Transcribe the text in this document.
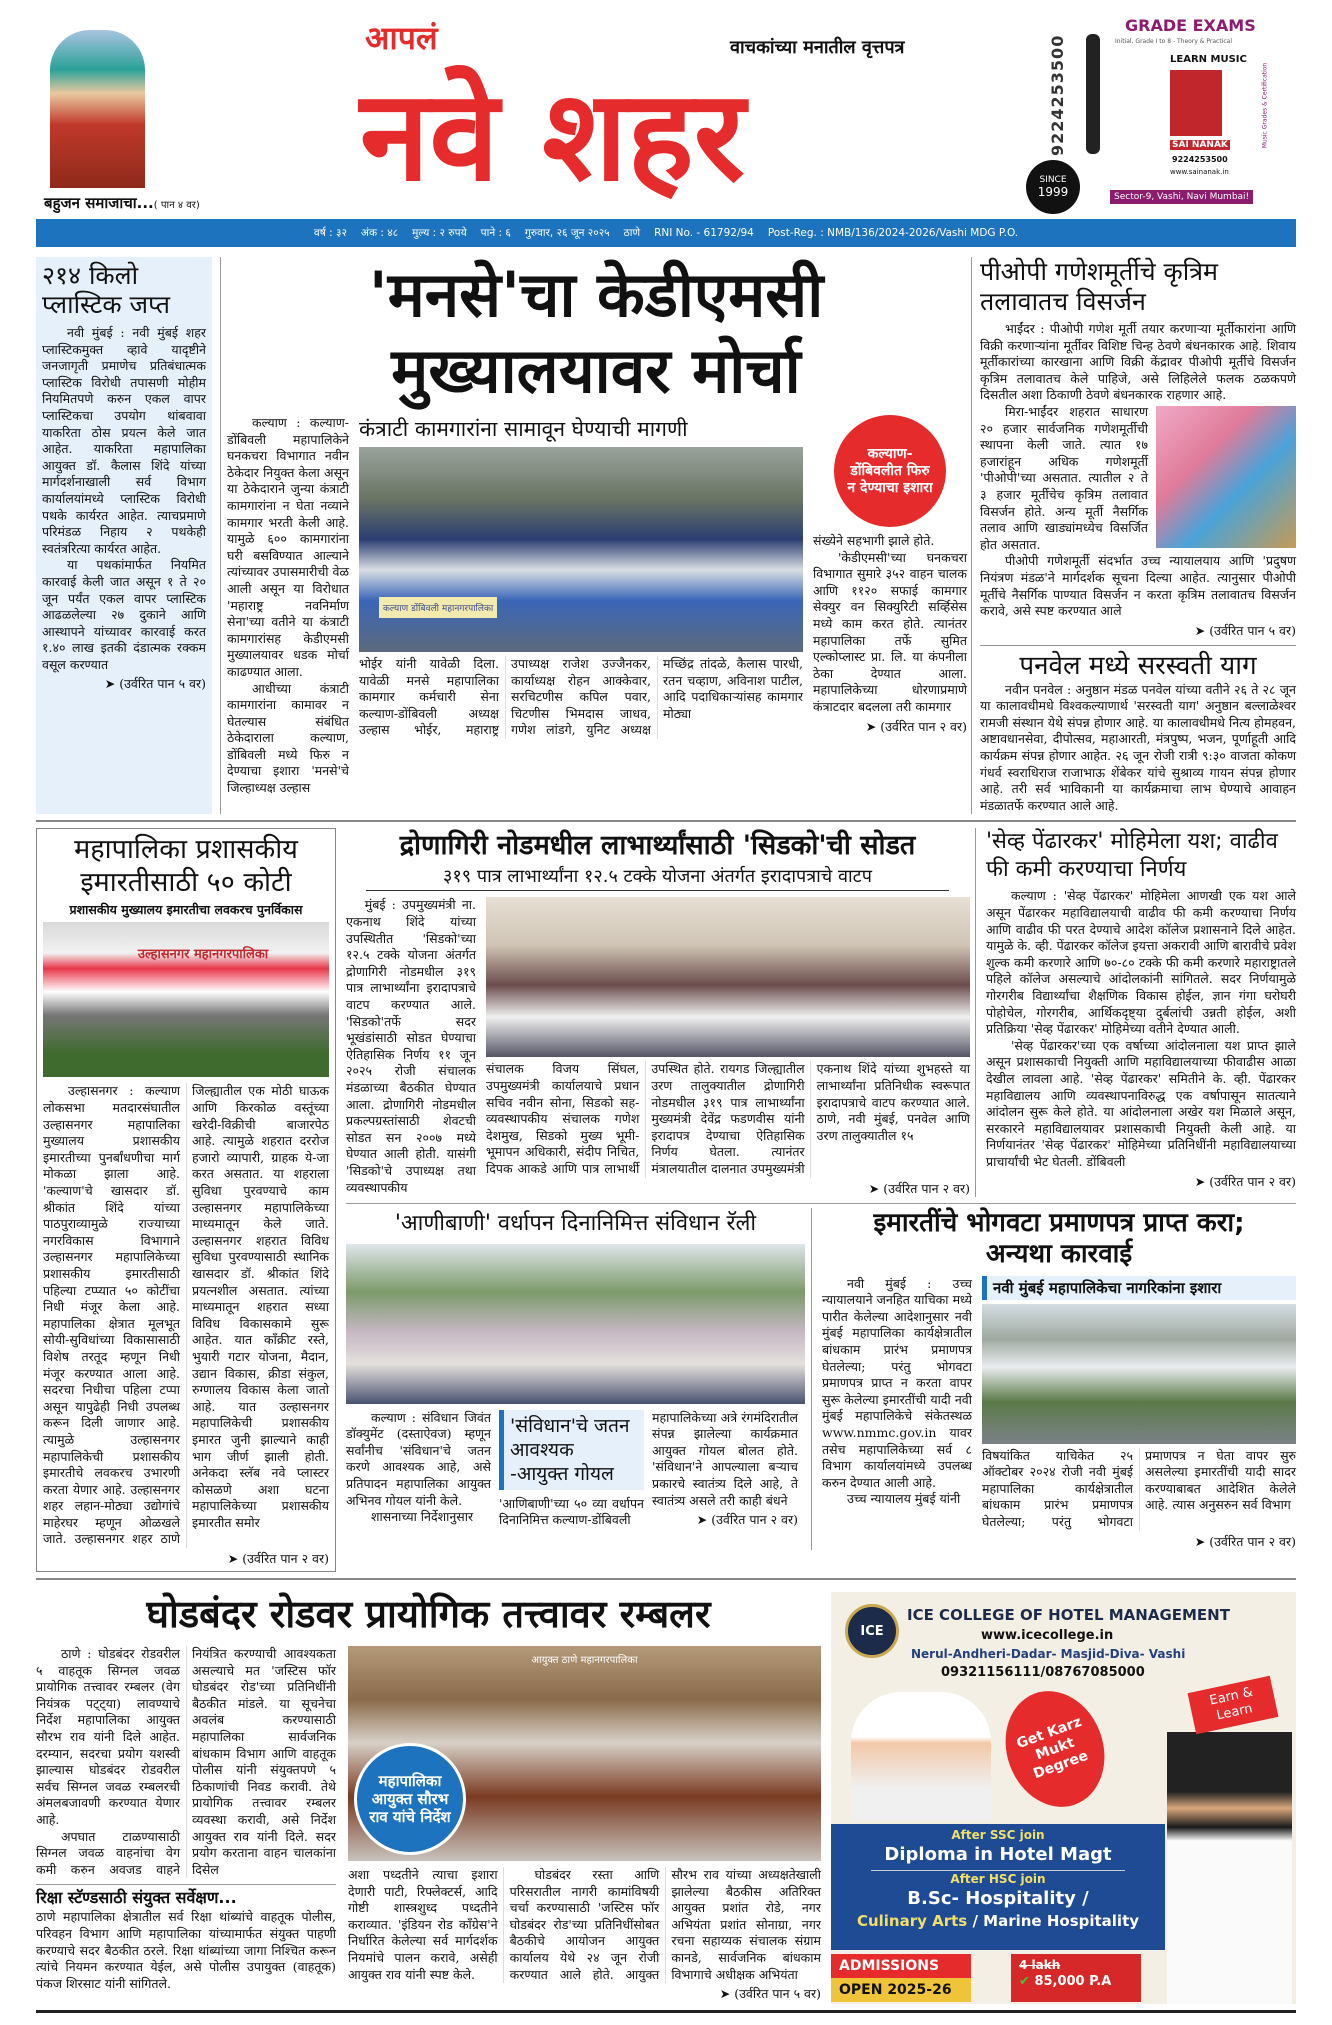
बहुजन समाजाचा...( पान ४ वर)
आपलं	वाचकांच्या मनातील वृत्तपत्र
नवे शहर	9224253500
SINCE
1999
GRADE EXAMS
Initial, Grade I to 8 - Theory & Practical
LEARN MUSIC
Music Grades & Certification
SAI NANAK
9224253500
www.sainanak.in
Sector-9, Vashi, Navi Mumbai!
वर्ष : ३२ अंक : ४८ मुल्य : २ रुपये पाने : ६ गुरुवार, २६ जून २०२५ ठाणे RNI No. - 61792/94 Post-Reg. : NMB/136/2024-2026/Vashi MDG P.O.
२१४ किलो प्लास्टिक जप्त

नवी मुंबई : नवी मुंबई शहर प्लास्टिकमुक्त व्हावे यादृष्टीने जनजागृती प्रमाणेच प्रतिबंधात्मक प्लास्टिक विरोधी तपासणी मोहीम नियमितपणे करुन एकल वापर प्लास्टिकचा उपयोग थांबवावा याकरिता ठोस प्रयत्न केले जात आहेत. याकरिता महापालिका आयुक्त डॉ. कैलास शिंदे यांच्या मार्गदर्शनाखाली सर्व विभाग कार्यालयांमध्ये प्लास्टिक विरोधी पथके कार्यरत आहेत. त्याचप्रमाणे परिमंडळ निहाय २ पथकेही स्वतंत्ररित्या कार्यरत आहेत.

या पथकांमार्फत नियमित कारवाई केली जात असून १ ते २० जून पर्यंत एकल वापर प्लास्टिक आढळलेल्या २७ दुकाने आणि आस्थापने यांच्यावर कारवाई करत १.४० लाख इतकी दंडात्मक रक्कम वसूल करण्यात

➤ (उर्वरित पान ५ वर)
'मनसे'चा केडीएमसी
मुख्यालयावर मोर्चा

कल्याण : कल्याण-डोंबिवली महापालिकेने घनकचरा विभागात नवीन ठेकेदार नियुक्त केला असून या ठेकेदाराने जुन्या कंत्राटी कामगारांना न घेता नव्याने कामगार भरती केली आहे. यामुळे ६०० कामगारांना घरी बसविण्यात आल्याने त्यांच्यावर उपासमारीची वेळ आली असून या विरोधात 'महाराष्ट्र नवनिर्माण सेना'च्या वतीने या कंत्राटी कामगारांसह केडीएमसी मुख्यालयावर धडक मोर्चा काढण्यात आला.

आधीच्या कंत्राटी कामगारांना कामावर न घेतल्यास संबंधित ठेकेदाराला कल्याण, डोंबिवली मध्ये फिरु न देण्याचा इशारा 'मनसे'चे जिल्हाध्यक्ष उल्हास

कंत्राटी कामगारांना सामावून घेण्याची मागणी
कल्याण डोंबिवली महानगरपालिका
भोईर यांनी यावेळी दिला. यावेळी मनसे महापालिका कामगार कर्मचारी सेना कल्याण-डोंबिवली अध्यक्ष उल्हास भोईर, महाराष्ट्र उपाध्यक्ष राजेश उज्जैनकर, कार्याध्यक्ष रोहन आक्केवार, सरचिटणीस कपिल पवार, चिटणीस भिमदास जाधव, गणेश लांडगे, युनिट अध्यक्ष मच्छिंद्र तांदळे, कैलास पारधी, रतन चव्हाण, अविनाश पाटील, आदि पदाधिकाऱ्यांसह कामगार मोठ्या
कल्याण-डोंबिवलीत फिरु न देण्याचा इशारा

संख्येने सहभागी झाले होते.

'केडीएमसी'च्या घनकचरा विभागात सुमारे ३५२ वाहन चालक आणि ११२० सफाई कामगार सेक्युर वन सिक्युरिटी सर्व्हिसेस मध्ये काम करत होते. त्यानंतर महापालिका तर्फे सुमित एल्कोप्लास्ट प्रा. लि. या कंपनीला ठेका देण्यात आला. महापालिकेच्या धोरणाप्रमाणे कंत्राटदार बदलला तरी कामगार

➤ (उर्वरित पान २ वर)
पीओपी गणेशमूर्तीचे कृत्रिम तलावातच विसर्जन

भाईंदर : पीओपी गणेश मूर्ती तयार करणाऱ्या मूर्तीकारांना आणि विक्री करणाऱ्यांना मूर्तीवर विशिष्ट चिन्ह ठेवणे बंधनकारक आहे. शिवाय मूर्तीकारांच्या कारखाना आणि विक्री केंद्रावर पीओपी मूर्तीचे विसर्जन कृत्रिम तलावातच केले पाहिजे, असे लिहिलेले फलक ठळकपणे दिसतील अशा ठिकाणी ठेवणे बंधनकारक राहणार आहे.

मिरा-भाईंदर शहरात साधारण २० हजार सार्वजनिक गणेशमूर्तीची स्थापना केली जाते. त्यात १७ हजारांहून अधिक गणेशमूर्ती 'पीओपी'च्या असतात. त्यातील २ ते ३ हजार मूर्तीचेच कृत्रिम तलावात विसर्जन होते. अन्य मूर्ती नैसर्गिक तलाव आणि खाड्यांमध्येच विसर्जित होत असतात.

पीओपी गणेशमूर्ती संदर्भात उच्च न्यायालयाय आणि 'प्रदुषण नियंत्रण मंडळ'ने मार्गदर्शक सूचना दिल्या आहेत. त्यानुसार पीओपी मूर्तीचे नैसर्गिक पाण्यात विसर्जन न करता कृत्रिम तलावातच विसर्जन करावे, असे स्पष्ट करण्यात आले

➤ (उर्वरित पान ५ वर)
पनवेल मध्ये सरस्वती याग

नवीन पनवेल : अनुष्ठान मंडळ पनवेल यांच्या वतीने २६ ते २८ जून या कालावधीमधे विश्वकल्याणार्थ 'सरस्वती याग' अनुष्ठान बल्लाळेश्वर रामजी संस्थान येथे संपन्न होणार आहे. या कालावधीमधे नित्य होमहवन, अष्टावधानसेवा, दीपोत्सव, महाआरती, मंत्रपुष्प, भजन, पूर्णाहूती आदि कार्यक्रम संपन्न होणार आहेत. २६ जून रोजी रात्री ९:३० वाजता कोकण गंधर्व स्वराधिराज राजाभाऊ शेंबेकर यांचे सुश्राव्य गायन संपन्न होणार आहे. तरी सर्व भाविकानी या कार्यक्रमाचा लाभ घेण्याचे आवाहन मंडळातर्फे करण्यात आले आहे.

महापालिका प्रशासकीय इमारतीसाठी ५० कोटी
प्रशासकीय मुख्यालय इमारतीचा लवकरच पुनर्विकास
उल्हासनगर महानगरपालिका

उल्हासनगर : कल्याण लोकसभा मतदारसंघातील उल्हासनगर महापालिका मुख्यालय प्रशासकीय इमारतीच्या पुनर्बांधणीचा मार्ग मोकळा झाला आहे. 'कल्याण'चे खासदार डॉ. श्रीकांत शिंदे यांच्या पाठपुराव्यामुळे राज्याच्या नगरविकास विभागाने उल्हासनगर महापालिकेच्या प्रशासकीय इमारतीसाठी पहिल्या टप्प्यात ५० कोटींचा निधी मंजूर केला आहे. महापालिका क्षेत्रात मूलभूत सोयी-सुविधांच्या विकासासाठी विशेष तरतूद म्हणून निधी मंजूर करण्यात आला आहे. सदरचा निधीचा पहिला टप्पा असून यापुढेही निधी उपलब्ध करून दिली जाणार आहे. त्यामुळे उल्हासनगर महापालिकेची प्रशासकीय इमारतीचे लवकरच उभारणी करता येणार आहे. उल्हासनगर शहर लहान-मोठ्या उद्योगांचे माहेरघर म्हणून ओळखले जाते. उल्हासनगर शहर ठाणे जिल्ह्यातील एक मोठी घाऊक आणि किरकोळ वस्तूंच्या खरेदी-विक्रीची बाजारपेठ आहे. त्यामुळे शहरात दररोज हजारो व्यापारी, ग्राहक ये-जा करत असतात. या शहराला सुविधा पुरवण्याचे काम उल्हासनगर महापालिकेच्या माध्यमातून केले जाते. उल्हासनगर शहरात विविध सुविधा पुरवण्यासाठी स्थानिक खासदार डॉ. श्रीकांत शिंदे प्रयत्नशील असतात. त्यांच्या माध्यमातून शहरात सध्या विविध विकासकामे सुरू आहेत. यात काँक्रीट रस्ते, भुयारी गटार योजना, मैदान, उद्यान विकास, क्रीडा संकुल, रुग्णालय विकास केला जातो आहे. यात उल्हासनगर महापालिकेची प्रशासकीय इमारत जुनी झाल्याने काही भाग जीर्ण झाली होती. अनेकदा स्लॅब नवे प्लास्टर कोसळणे अशा घटना महापालिकेच्या प्रशासकीय इमारतीत समोर

➤ (उर्वरित पान २ वर)
द्रोणागिरी नोडमधील लाभार्थ्यांसाठी 'सिडको'ची सोडत
३१९ पात्र लाभार्थ्यांना १२.५ टक्के योजना अंतर्गत इरादापत्राचे वाटप
मुंबई : उपमुख्यमंत्री ना. एकनाथ शिंदे यांच्या उपस्थितीत 'सिडको'च्या १२.५ टक्के योजना अंतर्गत द्रोणागिरी नोडमधील ३१९ पात्र लाभार्थ्यांना इरादापत्राचे वाटप करण्यात आले. 'सिडको'तर्फे सदर भूखंडांसाठी सोडत घेण्याचा ऐतिहासिक निर्णय ११ जून २०२५ रोजी संचालक मंडळाच्या बैठकीत घेण्यात आला. द्रोणागिरी नोडमधील प्रकल्पग्रस्तांसाठी शेवटची सोडत सन २००७ मध्ये घेण्यात आली होती. यासंगी 'सिडको'चे उपाध्यक्ष तथा व्यवस्थापकीय
संचालक विजय सिंघल, उपमुख्यमंत्री कार्यालयाचे प्रधान सचिव नवीन सोना, सिडको सह-व्यवस्थापकीय संचालक गणेश देशमुख, सिडको मुख्य भूमी-भूमापन अधिकारी, संदीप निचित, दिपक आकडे आणि पात्र लाभार्थी उपस्थित होते. रायगड जिल्ह्यातील उरण तालुक्यातील द्रोणागिरी नोडमधील ३१९ पात्र लाभार्थ्यांना मुख्यमंत्री देवेंद्र फडणवीस यांनी इरादापत्र देण्याचा ऐतिहासिक निर्णय घेतला. त्यानंतर मंत्रालयातील दालनात उपमुख्यमंत्री एकनाथ शिंदे यांच्या शुभहस्ते या लाभार्थ्यांना प्रतिनिधीक स्वरूपात इरादापत्राचे वाटप करण्यात आले. ठाणे, नवी मुंबई, पनवेल आणि उरण तालुक्यातील १५
➤ (उर्वरित पान २ वर)
'सेव्ह पेंढारकर' मोहिमेला यश; वाढीव फी कमी करण्याचा निर्णय

कल्याण : 'सेव्ह पेंढारकर' मोहिमेला आणखी एक यश आले असून पेंढारकर महाविद्यालयाची वाढीव फी कमी करण्याचा निर्णय आणि वाढीव फी परत देण्याचे आदेश कॉलेज प्रशासनाने दिले आहेत. यामुळे के. व्ही. पेंढारकर कॉलेज इयत्ता अकरावी आणि बारावीचे प्रवेश शुल्क कमी करणारे आणि ७०-८० टक्के फी कमी करणारे महाराष्ट्रातले पहिले कॉलेज असल्याचे आंदोलकांनी सांगितले. सदर निर्णयामुळे गोरगरीब विद्यार्थ्यांचा शैक्षणिक विकास होईल, ज्ञान गंगा घरोघरी पोहोचेल, गोरगरीब, आर्थिकदृष्ट्या दुर्बलांची उन्नती होईल, अशी प्रतिक्रिया 'सेव्ह पेंढारकर' मोहिमेच्या वतीने देण्यात आली.

'सेव्ह पेंढारकर'च्या एक वर्षाच्या आंदोलनाला यश प्राप्त झाले असून प्रशासकाची नियुक्ती आणि महाविद्यालयाच्या फीवाढीस आळा देखील लावला आहे. 'सेव्ह पेंढारकर' समितीने के. व्ही. पेंढारकर महाविद्यालय आणि व्यवस्थापनाविरुद्ध एक वर्षापासून सातत्याने आंदोलन सुरू केले होते. या आंदोलनाला अखेर यश मिळाले असून, सरकारने महाविद्यालयावर प्रशासकाची नियुक्ती केली आहे. या निर्णयानंतर 'सेव्ह पेंढारकर' मोहिमेच्या प्रतिनिधींनी महाविद्यालयाच्या प्राचार्यांची भेट घेतली. डोंबिवली

➤ (उर्वरित पान २ वर)
'आणीबाणी' वर्धापन दिनानिमित्त संविधान रॅली

कल्याण : संविधान जिवंत डॉक्युमेंट (दस्ताऐवज) म्हणून सर्वांनीच 'संविधान'चे जतन करणे आवश्यक आहे, असे प्रतिपादन महापालिका आयुक्त अभिनव गोयल यांनी केले.

शासनाच्या निर्देशानुसार

'संविधान'चे जतन आवश्यक -आयुक्त गोयल
'आणिबाणी'च्या ५० व्या वर्धापन दिनानिमित्त कल्याण-डोंबिवली
महापालिकेच्या अत्रे रंगमंदिरातील संपन्न झालेल्या कार्यक्रमात आयुक्त गोयल बोलत होते. 'संविधान'ने आपल्याला बऱ्याच प्रकारचे स्वातंत्र्य दिले आहे, ते स्वातंत्र्य असले तरी काही बंधने
➤ (उर्वरित पान २ वर)
इमारतींचे भोगवटा प्रमाणपत्र प्राप्त करा; अन्यथा कारवाई

नवी मुंबई : उच्च न्यायालयाने जनहित याचिका मध्ये पारीत केलेल्या आदेशानुसार नवी मुंबई महापालिका कार्यक्षेत्रातील बांधकाम प्रारंभ प्रमाणपत्र घेतलेल्या; परंतु भोगवटा प्रमाणपत्र प्राप्त न करता वापर सुरू केलेल्या इमारतींची यादी नवी मुंबई महापालिकेचे संकेतस्थळ www.nmmc.gov.in यावर तसेच महापालिकेच्या सर्व ८ विभाग कार्यालयांमध्ये उपलब्ध करुन देण्यात आली आहे.

उच्च न्यायालय मुंबई यांनी

नवी मुंबई महापालिकेचा नागरिकांना इशारा
विषयांकित याचिकेत २५ ऑक्टोबर २०२४ रोजी नवी मुंबई महापालिका कार्यक्षेत्रातील बांधकाम प्रारंभ प्रमाणपत्र घेतलेल्या; परंतु भोगवटा प्रमाणपत्र न घेता वापर सुरु असलेल्या इमारतींची यादी सादर करण्याबाबत आदेशित केलेले आहे. त्यास अनुसरुन सर्व विभाग
➤ (उर्वरित पान २ वर)
घोडबंदर रोडवर प्रायोगिक तत्त्वावर रम्बलर

ठाणे : घोडबंदर रोडवरील ५ वाहतूक सिग्नल जवळ प्रायोगिक तत्त्वावर रम्बलर (वेग नियंत्रक पट्ट्या) लावण्याचे निर्देश महापालिका आयुक्त सौरभ राव यांनी दिले आहेत. दरम्यान, सदरचा प्रयोग यशस्वी झाल्यास घोडबंदर रोडवरील सर्वच सिग्नल जवळ रम्बलरची अंमलबजावणी करण्यात येणार आहे.

अपघात टाळण्यासाठी सिग्नल जवळ वाहनांचा वेग कमी करुन अवजड वाहने नियंत्रित करण्याची आवश्यकता असल्याचे मत 'जस्टिस फॉर घोडबंदर रोड'च्या प्रतिनिधींनी बैठकीत मांडले. या सूचनेचा अवलंब करण्यासाठी महापालिका सार्वजनिक बांधकाम विभाग आणि वाहतूक पोलीस यांनी संयुक्तपणे ५ ठिकाणांची निवड करावी. तेथे प्रायोगिक तत्त्वावर रम्बलर व्यवस्था करावी, असे निर्देश आयुक्त राव यांनी दिले. सदर प्रयोग करताना वाहन चालकांना दिसेल

रिक्षा स्टॅण्डसाठी संयुक्त सर्वेक्षण...
ठाणे महापालिका क्षेत्रातील सर्व रिक्षा थांब्यांचे वाहतूक पोलीस, परिवहन विभाग आणि महापालिका यांच्यामार्फत संयुक्त पाहणी करण्याचे सदर बैठकीत ठरले. रिक्षा थांब्यांच्या जागा निश्चित करून त्यांचे नियमन करण्यात येईल, असे पोलीस उपायुक्त (वाहतूक) पंकज शिरसाट यांनी सांगितले.
आयुक्त ठाणे महानगरपालिका
महापालिका आयुक्त सौरभ राव यांचे निर्देश

अशा पध्दतीने त्याचा इशारा देणारी पाटी, रिफ्लेक्टर्स, आदि गोष्टी शास्त्रशुध्द पध्दतीने कराव्यात. 'इंडियन रोड काँग्रेस'ने निर्धारित केलेल्या सर्व मार्गदर्शक नियमांचे पालन करावे, असेही आयुक्त राव यांनी स्पष्ट केले.

घोडबंदर रस्ता आणि परिसरातील नागरी कामांविषयी चर्चा करण्यासाठी 'जस्टिस फॉर घोडबंदर रोड'च्या प्रतिनिधींसोबत बैठकीचे आयोजन आयुक्त कार्यालय येथे २४ जून रोजी करण्यात आले होते. आयुक्त सौरभ राव यांच्या अध्यक्षतेखाली झालेल्या बैठकीस अतिरिक्त आयुक्त प्रशांत रोडे, नगर अभियंता प्रशांत सोनाग्रा, नगर रचना सहाय्यक संचालक संग्राम कानडे, सार्वजनिक बांधकाम विभागाचे अधीक्षक अभियंता

➤ (उर्वरित पान ५ वर)
ICE
ICE COLLEGE OF HOTEL MANAGEMENT
www.icecollege.in
Nerul-Andheri-Dadar- Masjid-Diva- Vashi
09321156111/08767085000
Get Karz Mukt Degree
Earn & Learn
After SSC join
Diploma in Hotel Magt
After HSC join
B.Sc- Hospitality /
Culinary Arts / Marine Hospitality
ADMISSIONS
OPEN 2025-26
4 lakh
✔ 85,000 P.A
